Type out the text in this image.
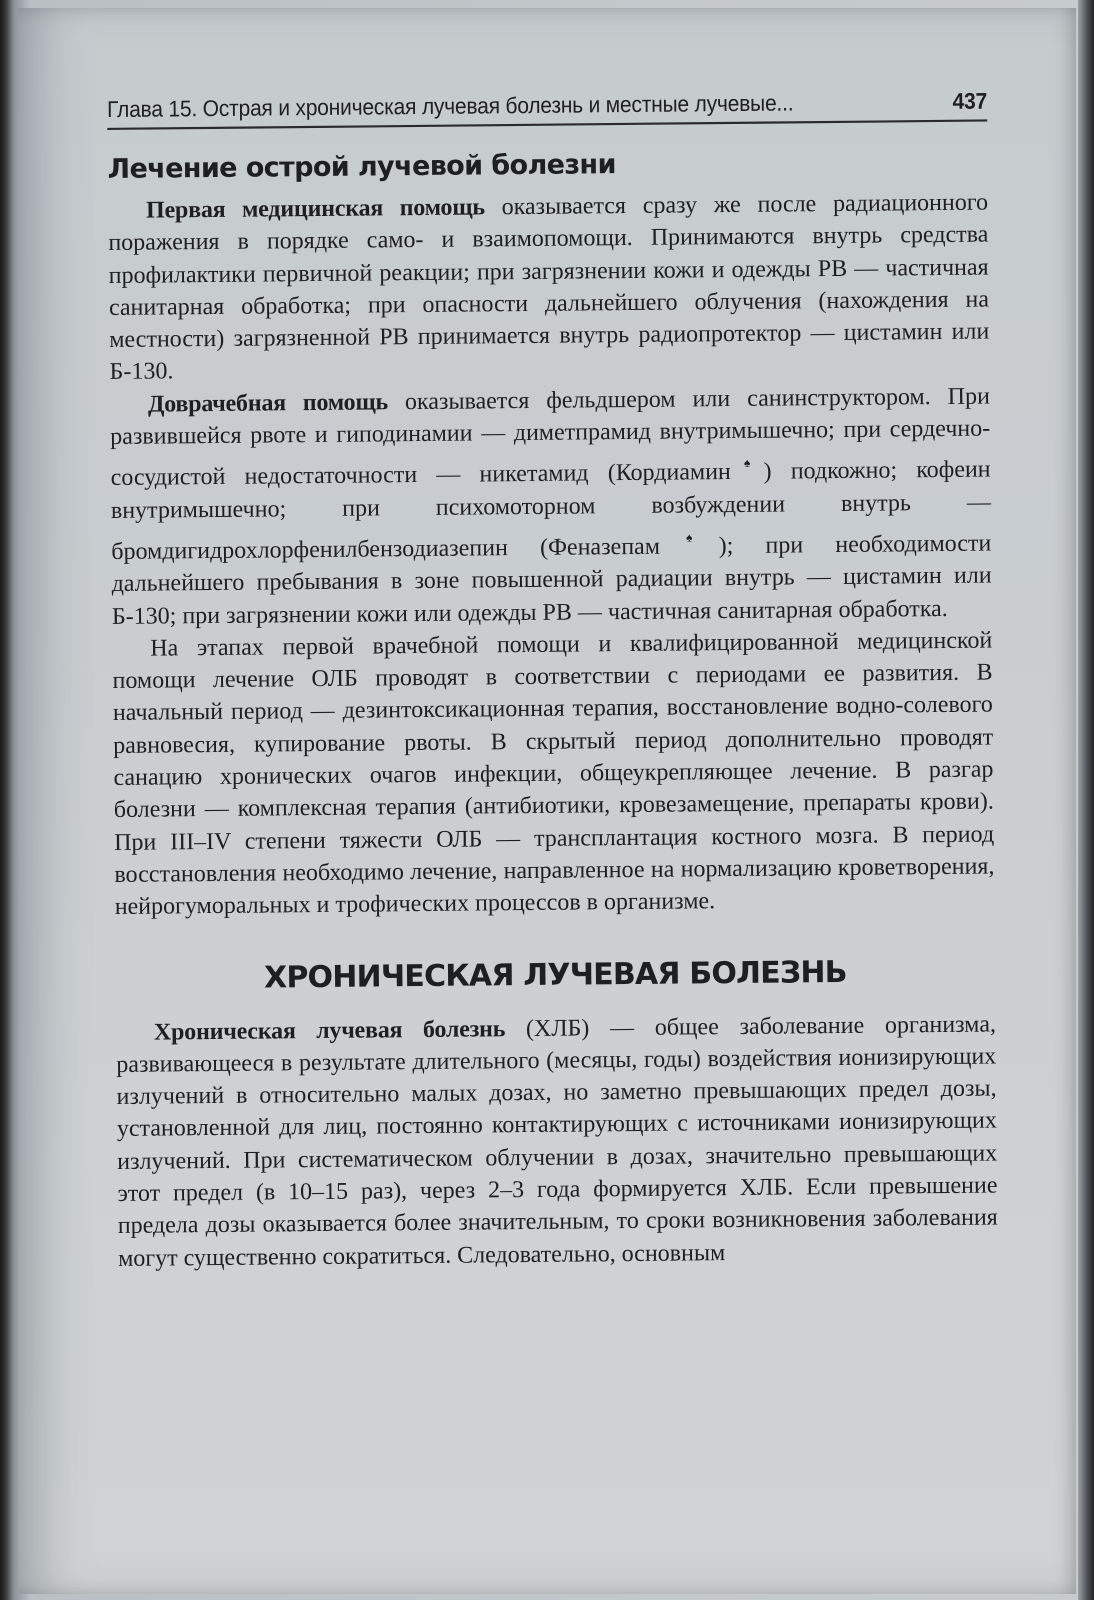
Глава 15. Острая и хроническая лучевая болезнь и местные лучевые...	437
Лечение острой лучевой болезни

Первая медицинская помощь оказывается сразу же после радиационного поражения в порядке само- и взаимопомощи. Принимаются внутрь средства профилактики первичной реакции; при загрязнении кожи и одежды РВ — частичная санитарная обработка; при опасности дальнейшего облучения (нахождения на местности) загрязненной РВ принимается внутрь радиопротектор — цистамин или Б-130.

Доврачебная помощь оказывается фельдшером или санинструктором. При развившейся рвоте и гиподинамии — диметпрамид внутримышечно; при сердечно-сосудистой недостаточности — никетамид (Кордиамин♠) подкожно; кофеин внутримышечно; при психомоторном возбуждении внутрь — бромдигидрохлорфенилбензодиазепин (Феназепам♠); при необходимости дальнейшего пребывания в зоне повышенной радиации внутрь — цистамин или Б-130; при загрязнении кожи или одежды РВ — частичная санитарная обработка.

На этапах первой врачебной помощи и квалифицированной медицинской помощи лечение ОЛБ проводят в соответствии с периодами ее развития. В начальный период — дезинтоксикационная терапия, восстановление водно-солевого равновесия, купирование рвоты. В скрытый период дополнительно проводят санацию хронических очагов инфекции, общеукрепляющее лечение. В разгар болезни — комплексная терапия (антибиотики, кровезамещение, препараты крови). При III–IV степени тяжести ОЛБ — трансплантация костного мозга. В период восстановления необходимо лечение, направленное на нормализацию кроветворения, нейрогуморальных и трофических процессов в организме.

ХРОНИЧЕСКАЯ ЛУЧЕВАЯ БОЛЕЗНЬ

Хроническая лучевая болезнь (ХЛБ) — общее заболевание организма, развивающееся в результате длительного (месяцы, годы) воздействия ионизирующих излучений в относительно малых дозах, но заметно превышающих предел дозы, установленной для лиц, постоянно контактирующих с источниками ионизирующих излучений. При систематическом облучении в дозах, значительно превышающих этот предел (в 10–15 раз), через 2–3 года формируется ХЛБ. Если превышение предела дозы оказывается более значительным, то сроки возникновения заболевания могут существенно сократиться. Следовательно, основным
